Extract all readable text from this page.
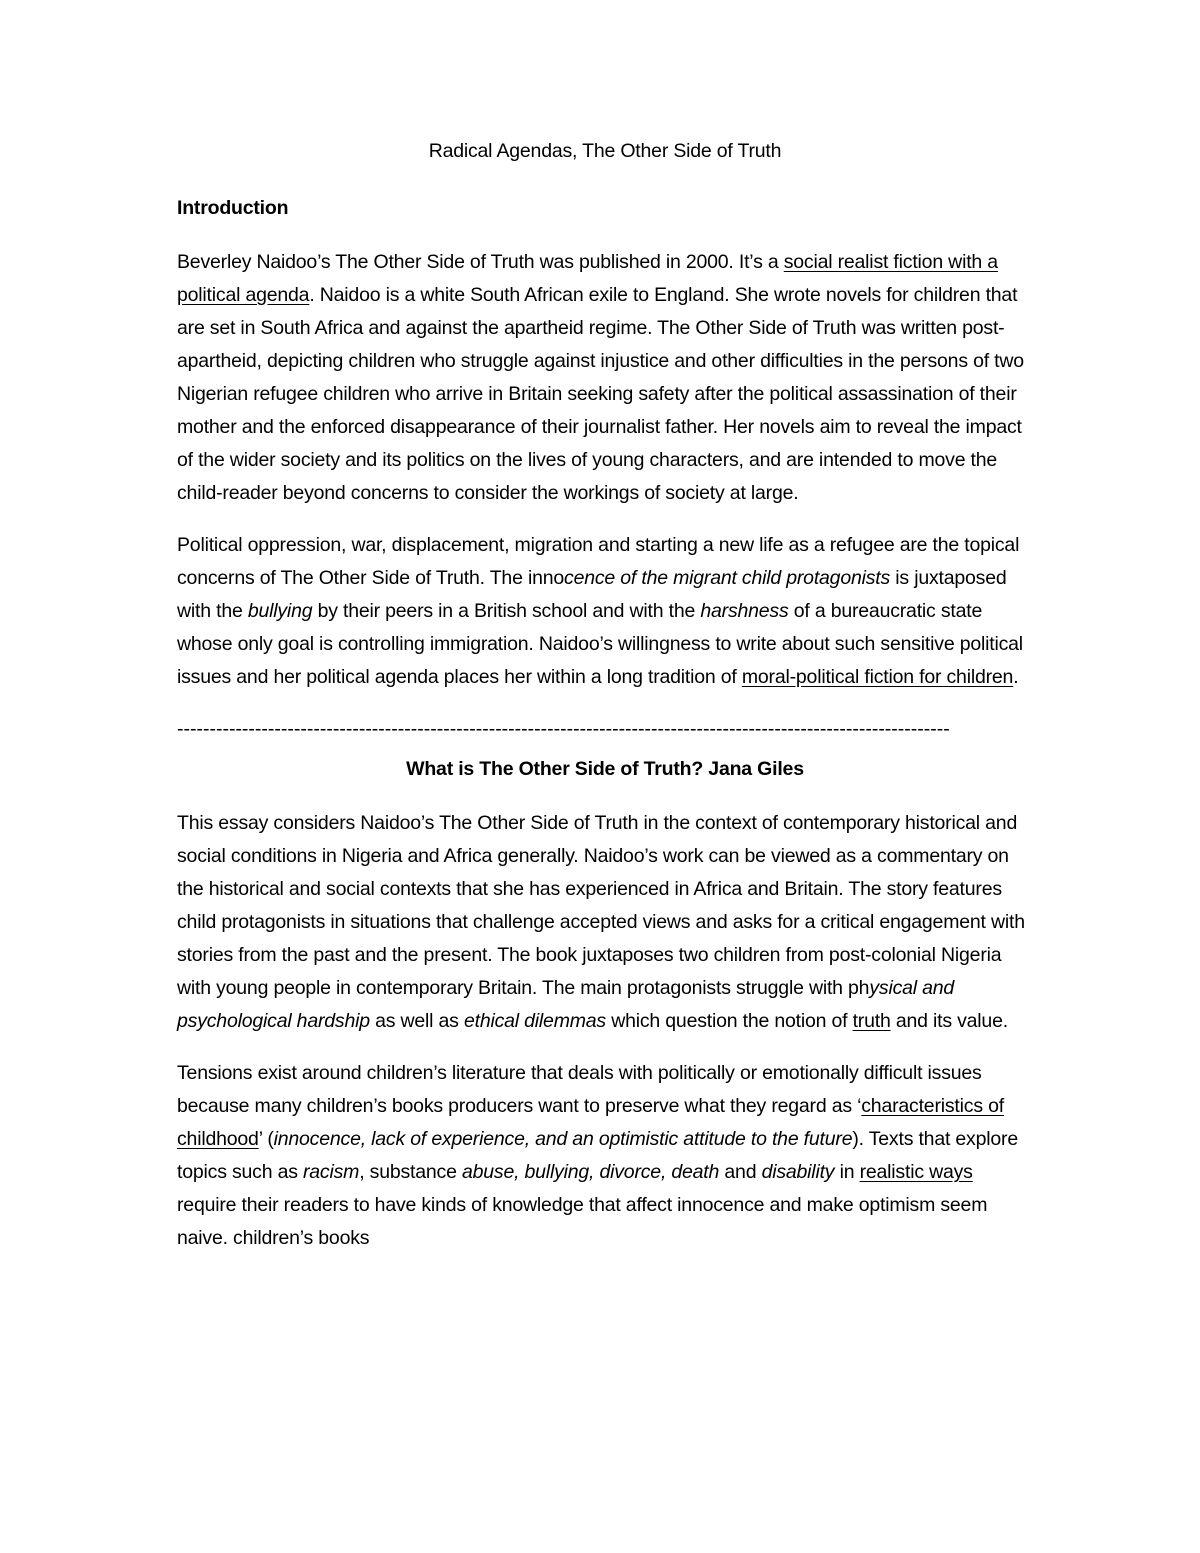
Radical Agendas, The Other Side of Truth
Introduction

Beverley Naidoo’s The Other Side of Truth was published in 2000. It’s a social realist fiction with a political agenda. Naidoo is a white South African exile to England. She wrote novels for children that are set in South Africa and against the apartheid regime. The Other Side of Truth was written post-apartheid, depicting children who struggle against injustice and other difficulties in the persons of two Nigerian refugee children who arrive in Britain seeking safety after the political assassination of their mother and the enforced disappearance of their journalist father. Her novels aim to reveal the impact of the wider society and its politics on the lives of young characters, and are intended to move the child-reader beyond concerns to consider the workings of society at large.

Political oppression, war, displacement, migration and starting a new life as a refugee are the topical concerns of The Other Side of Truth. The innocence of the migrant child protagonists is juxtaposed with the bullying by their peers in a British school and with the harshness of a bureaucratic state whose only goal is controlling immigration. Naidoo’s willingness to write about such sensitive political issues and her political agenda places her within a long tradition of moral-political fiction for children.

-----------------------------------------------------------------------------------------------------------------------
What is The Other Side of Truth? Jana Giles

This essay considers Naidoo’s The Other Side of Truth in the context of contemporary historical and social conditions in Nigeria and Africa generally. Naidoo’s work can be viewed as a commentary on the historical and social contexts that she has experienced in Africa and Britain. The story features child protagonists in situations that challenge accepted views and asks for a critical engagement with stories from the past and the present. The book juxtaposes two children from post-colonial Nigeria with young people in contemporary Britain. The main protagonists struggle with physical and psychological hardship as well as ethical dilemmas which question the notion of truth and its value.

Tensions exist around children’s literature that deals with politically or emotionally difficult issues because many children’s books producers want to preserve what they regard as ‘characteristics of childhood’ (innocence, lack of experience, and an optimistic attitude to the future). Texts that explore topics such as racism, substance abuse, bullying, divorce, death and disability in realistic ways require their readers to have kinds of knowledge that affect innocence and make optimism seem naive. children’s books
